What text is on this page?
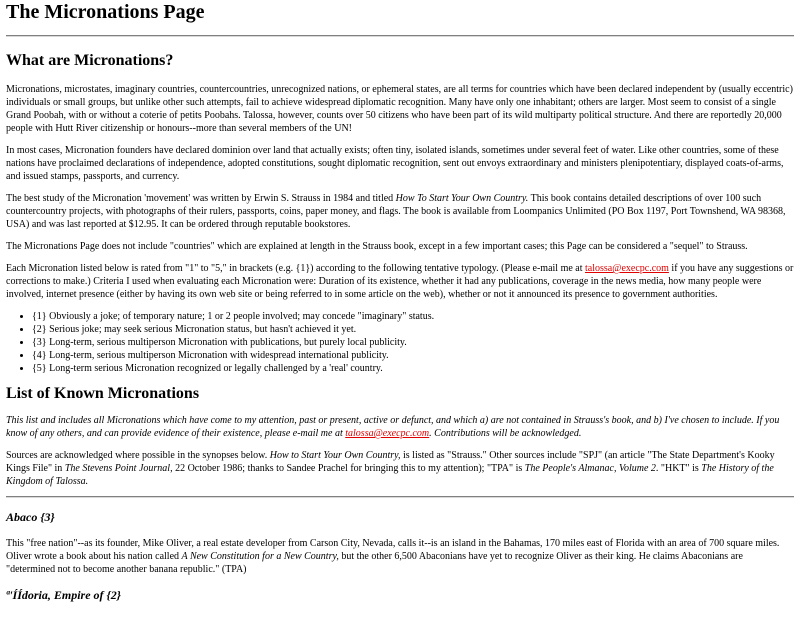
The Micronations Page
What are Micronations?

Micronations, microstates, imaginary countries, countercountries, unrecognized nations, or ephemeral states, are all terms for countries which have been declared independent by (usually eccentric) individuals or small groups, but unlike other such attempts, fail to achieve widespread diplomatic recognition. Many have only one inhabitant; others are larger. Most seem to consist of a single Grand Poobah, with or without a coterie of petits Poobahs. Talossa, however, counts over 50 citizens who have been part of its wild multiparty political structure. And there are reportedly 20,000 people with Hutt River citizenship or honours--more than several members of the UN!

In most cases, Micronation founders have declared dominion over land that actually exists; often tiny, isolated islands, sometimes under several feet of water. Like other countries, some of these nations have proclaimed declarations of independence, adopted constitutions, sought diplomatic recognition, sent out envoys extraordinary and ministers plenipotentiary, displayed coats-of-arms, and issued stamps, passports, and currency.

The best study of the Micronation 'movement' was written by Erwin S. Strauss in 1984 and titled How To Start Your Own Country. This book contains detailed descriptions of over 100 such countercountry projects, with photographs of their rulers, passports, coins, paper money, and flags. The book is available from Loompanics Unlimited (PO Box 1197, Port Townshend, WA 98368, USA) and was last reported at $12.95. It can be ordered through reputable bookstores.

The Micronations Page does not include "countries" which are explained at length in the Strauss book, except in a few important cases; this Page can be considered a "sequel" to Strauss.

Each Micronation listed below is rated from "1" to "5," in brackets (e.g. {1}) according to the following tentative typology. (Please e-mail me at talossa@execpc.com if you have any suggestions or corrections to make.) Criteria I used when evaluating each Micronation were: Duration of its existence, whether it had any publications, coverage in the news media, how many people were involved, internet presence (either by having its own web site or being referred to in some article on the web), whether or not it announced its presence to government authorities.

• {1} Obviously a joke; of temporary nature; 1 or 2 people involved; may concede "imaginary" status.
• {2} Serious joke; may seek serious Micronation status, but hasn't achieved it yet.
• {3} Long-term, serious multiperson Micronation with publications, but purely local publicity.
• {4} Long-term, serious multiperson Micronation with widespread international publicity.
• {5} Long-term serious Micronation recognized or legally challenged by a 'real' country.
List of Known Micronations

This list and includes all Micronations which have come to my attention, past or present, active or defunct, and which a) are not contained in Strauss's book, and b) I've chosen to include. If you know of any others, and can provide evidence of their existence, please e-mail me at talossa@execpc.com. Contributions will be acknowledged.

Sources are acknowledged where possible in the synopses below. How to Start Your Own Country, is listed as "Strauss." Other sources include "SPJ" (an article "The State Department's Kooky Kings File" in The Stevens Point Journal, 22 October 1986; thanks to Sandee Prachel for bringing this to my attention); "TPA" is The People's Almanac, Volume 2. "HKT" is The History of the Kingdom of Talossa.

Abaco {3}

This "free nation"--as its founder, Mike Oliver, a real estate developer from Carson City, Nevada, calls it--is an island in the Bahamas, 170 miles east of Florida with an area of 700 square miles. Oliver wrote a book about his nation called A New Constitution for a New Country, but the other 6,500 Abaconians have yet to recognize Oliver as their king. He claims Abaconians are "determined not to become another banana republic." (TPA)

ª'ÍÍdoria, Empire of {2}
